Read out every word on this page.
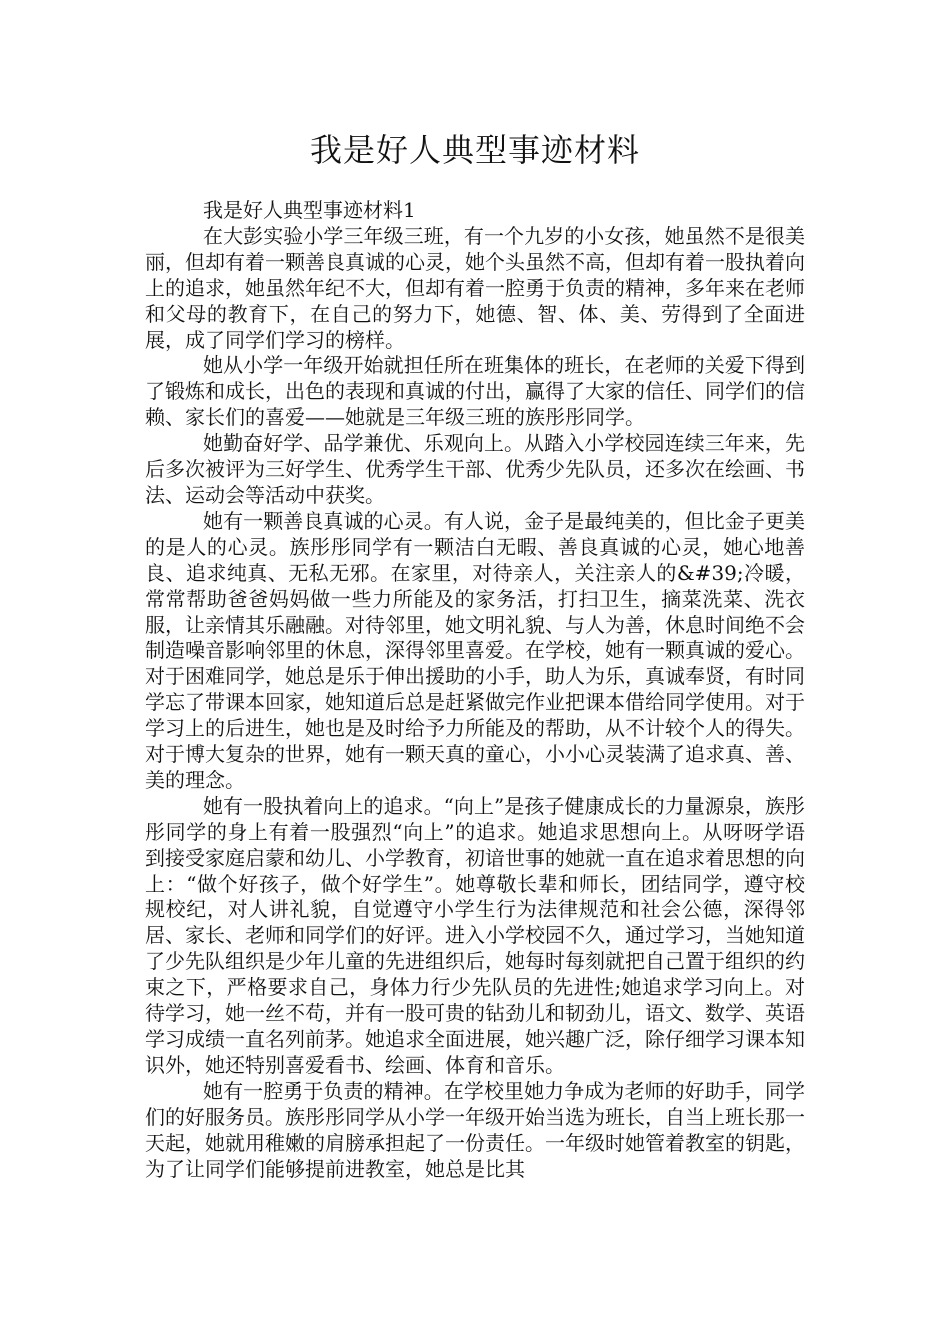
我是好人典型事迹材料

我是好人典型事迹材料1

在大彭实验小学三年级三班，有一个九岁的小女孩，她虽然不是很美丽，但却有着一颗善良真诚的心灵，她个头虽然不高，但却有着一股执着向上的追求，她虽然年纪不大，但却有着一腔勇于负责的精神，多年来在老师和父母的教育下，在自己的努力下，她德、智、体、美、劳得到了全面进展，成了同学们学习的榜样。

她从小学一年级开始就担任所在班集体的班长，在老师的关爱下得到了锻炼和成长，出色的表现和真诚的付出，赢得了大家的信任、同学们的信赖、家长们的喜爱——她就是三年级三班的族彤彤同学。

她勤奋好学、品学兼优、乐观向上。从踏入小学校园连续三年来，先后多次被评为三好学生、优秀学生干部、优秀少先队员，还多次在绘画、书法、运动会等活动中获奖。

她有一颗善良真诚的心灵。有人说，金子是最纯美的，但比金子更美的是人的心灵。族彤彤同学有一颗洁白无暇、善良真诚的心灵，她心地善良、追求纯真、无私无邪。在家里，对待亲人，关注亲人的&#39;冷暖，常常帮助爸爸妈妈做一些力所能及的家务活，打扫卫生，摘菜洗菜、洗衣服，让亲情其乐融融。对待邻里，她文明礼貌、与人为善，休息时间绝不会制造噪音影响邻里的休息，深得邻里喜爱。在学校，她有一颗真诚的爱心。对于困难同学，她总是乐于伸出援助的小手，助人为乐，真诚奉贤，有时同学忘了带课本回家，她知道后总是赶紧做完作业把课本借给同学使用。对于学习上的后进生，她也是及时给予力所能及的帮助，从不计较个人的得失。对于博大复杂的世界，她有一颗天真的童心，小小心灵装满了追求真、善、美的理念。

她有一股执着向上的追求。“向上”是孩子健康成长的力量源泉，族彤彤同学的身上有着一股强烈“向上”的追求。她追求思想向上。从呀呀学语到接受家庭启蒙和幼儿、小学教育，初谙世事的她就一直在追求着思想的向上：“做个好孩子，做个好学生”。她尊敬长辈和师长，团结同学，遵守校规校纪，对人讲礼貌，自觉遵守小学生行为法律规范和社会公德，深得邻居、家长、老师和同学们的好评。进入小学校园不久，通过学习，当她知道了少先队组织是少年儿童的先进组织后，她每时每刻就把自己置于组织的约束之下，严格要求自己，身体力行少先队员的先进性;她追求学习向上。对待学习，她一丝不苟，并有一股可贵的钻劲儿和韧劲儿，语文、数学、英语学习成绩一直名列前茅。她追求全面进展，她兴趣广泛，除仔细学习课本知识外，她还特别喜爱看书、绘画、体育和音乐。

她有一腔勇于负责的精神。在学校里她力争成为老师的好助手，同学们的好服务员。族彤彤同学从小学一年级开始当选为班长，自当上班长那一天起，她就用稚嫩的肩膀承担起了一份责任。一年级时她管着教室的钥匙，为了让同学们能够提前进教室，她总是比其
